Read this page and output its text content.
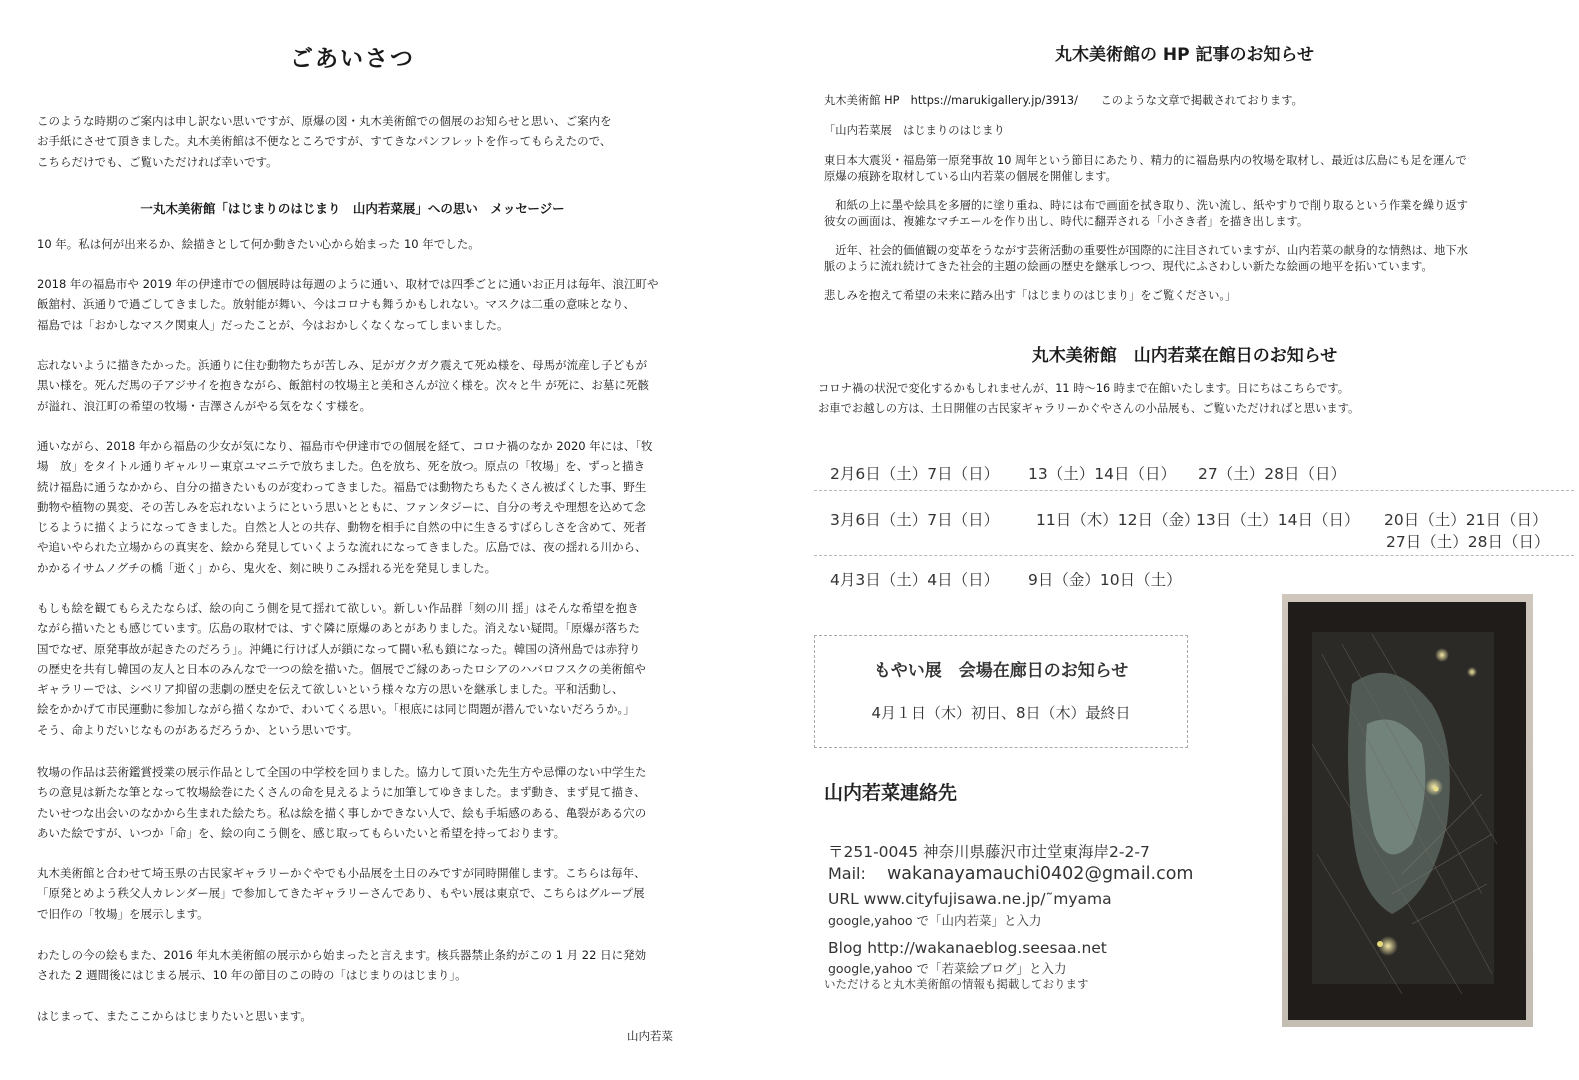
ごあいさつ

このような時期のご案内は申し訳ない思いですが、原爆の図・丸木美術館での個展のお知らせと思い、ご案内を
お手紙にさせて頂きました。丸木美術館は不便なところですが、すてきなパンフレットを作ってもらえたので、
こちらだけでも、ご覧いただければ幸いです。

一丸木美術館「はじまりのはじまり　山内若菜展」への思い　メッセージー

10 年。私は何が出来るか、絵描きとして何か動きたい心から始まった 10 年でした。

2018 年の福島市や 2019 年の伊達市での個展時は毎週のように通い、取材では四季ごとに通いお正月は毎年、浪江町や
飯舘村、浜通りで過ごしてきました。放射能が舞い、今はコロナも舞うかもしれない。マスクは二重の意味となり、
福島では「おかしなマスク関東人」だったことが、今はおかしくなくなってしまいました。

忘れないように描きたかった。浜通りに住む動物たちが苦しみ、足がガクガク震えて死ぬ様を、母馬が流産し子どもが
黒い様を。死んだ馬の子アジサイを抱きながら、飯舘村の牧場主と美和さんが泣く様を。次々と牛 が死に、お墓に死骸
が溢れ、浪江町の希望の牧場・吉澤さんがやる気をなくす様を。

通いながら、2018 年から福島の少女が気になり、福島市や伊達市での個展を経て、コロナ禍のなか 2020 年には、「牧
場　放」をタイトル通りギャルリー東京ユマニテで放ちました。色を放ち、死を放つ。原点の「牧場」を、ずっと描き
続け福島に通うなかから、自分の描きたいものが変わってきました。福島では動物たちもたくさん被ばくした事、野生
動物や植物の異変、その苦しみを忘れないようにという思いとともに、ファンタジーに、自分の考えや理想を込めて念
じるように描くようになってきました。自然と人との共存、動物を相手に自然の中に生きるすばらしさを含めて、死者
や追いやられた立場からの真実を、絵から発見していくような流れになってきました。広島では、夜の揺れる川から、
かかるイサムノグチの橋「逝く」から、鬼火を、刻に映りこみ揺れる光を発見しました。

もしも絵を観てもらえたならば、絵の向こう側を見て揺れて欲しい。新しい作品群「刻の川 揺」はそんな希望を抱き
ながら描いたとも感じています。広島の取材では、すぐ隣に原爆のあとがありました。消えない疑問。「原爆が落ちた
国でなぜ、原発事故が起きたのだろう」。沖縄に行けば人が鎖になって闘い私も鎖になった。韓国の済州島では赤狩り
の歴史を共有し韓国の友人と日本のみんなで一つの絵を描いた。個展でご縁のあったロシアのハバロフスクの美術館や
ギャラリーでは、シベリア抑留の悲劇の歴史を伝えて欲しいという様々な方の思いを継承しました。平和活動し、
絵をかかげて市民運動に参加しながら描くなかで、わいてくる思い。「根底には同じ問題が潜んでいないだろうか。」
そう、命よりだいじなものがあるだろうか、という思いです。

牧場の作品は芸術鑑賞授業の展示作品として全国の中学校を回りました。協力して頂いた先生方や忌憚のない中学生た
ちの意見は新たな筆となって牧場絵巻にたくさんの命を見えるように加筆してゆきました。まず動き、まず見て描き、
たいせつな出会いのなかから生まれた絵たち。私は絵を描く事しかできない人で、絵も手垢感のある、亀裂がある穴の
あいた絵ですが、いつか「命」を、絵の向こう側を、感じ取ってもらいたいと希望を持っております。

丸木美術館と合わせて埼玉県の古民家ギャラリーかぐやでも小品展を土日のみですが同時開催します。こちらは毎年、
「原発とめよう秩父人カレンダー展」で参加してきたギャラリーさんであり、もやい展は東京で、こちらはグループ展
で旧作の「牧場」を展示します。

わたしの今の絵もまた、2016 年丸木美術館の展示から始まったと言えます。核兵器禁止条約がこの 1 月 22 日に発効
された 2 週間後にはじまる展示、10 年の節目のこの時の「はじまりのはじまり」。

はじまって、またここからはじまりたいと思います。

山内若菜
丸木美術館の HP 記事のお知らせ

丸木美術館 HP　https://marukigallery.jp/3913/　　このような文章で掲載されております。

「山内若菜展　はじまりのはじまり

東日本大震災・福島第一原発事故 10 周年という節目にあたり、精力的に福島県内の牧場を取材し、最近は広島にも足を運んで
原爆の痕跡を取材している山内若菜の個展を開催します。

　和紙の上に墨や絵具を多層的に塗り重ね、時には布で画面を拭き取り、洗い流し、紙やすりで削り取るという作業を繰り返す
彼女の画面は、複雑なマチエールを作り出し、時代に翻弄される「小さき者」を描き出します。

　近年、社会的価値観の変革をうながす芸術活動の重要性が国際的に注目されていますが、山内若菜の献身的な情熱は、地下水
脈のように流れ続けてきた社会的主題の絵画の歴史を継承しつつ、現代にふさわしい新たな絵画の地平を拓いています。

悲しみを抱えて希望の未来に踏み出す「はじまりのはじまり」をご覧ください。」

丸木美術館　山内若菜在館日のお知らせ

コロナ禍の状況で変化するかもしれませんが、11 時〜16 時まで在館いたします。日にちはこちらです。
お車でお越しの方は、土日開催の古民家ギャラリーかぐやさんの小品展も、ご覧いただければと思います。

2月6日（土）7日（日） 13（土）14日（日） 27（土）28日（日）
3月6日（土）7日（日） 11日（木）12日（金）
13日（土）14日（日） 20日（土）21日（日）
27日（土）28日（日）
4月3日（土）4日（日） 9日（金）10日（土）
もやい展　会場在廊日のお知らせ
4月１日（木）初日、8日（木）最終日
山内若菜連絡先
〒251-0045 神奈川県藤沢市辻堂東海岸2-2-7
Mail: wakanayamauchi0402@gmail.com
URL www.cityfujisawa.ne.jp/˜myama
google,yahoo で「山内若菜」と入力
Blog http://wakanaeblog.seesaa.net
google,yahoo で「若菜絵ブログ」と入力
いただけると丸木美術館の情報も掲載しております
